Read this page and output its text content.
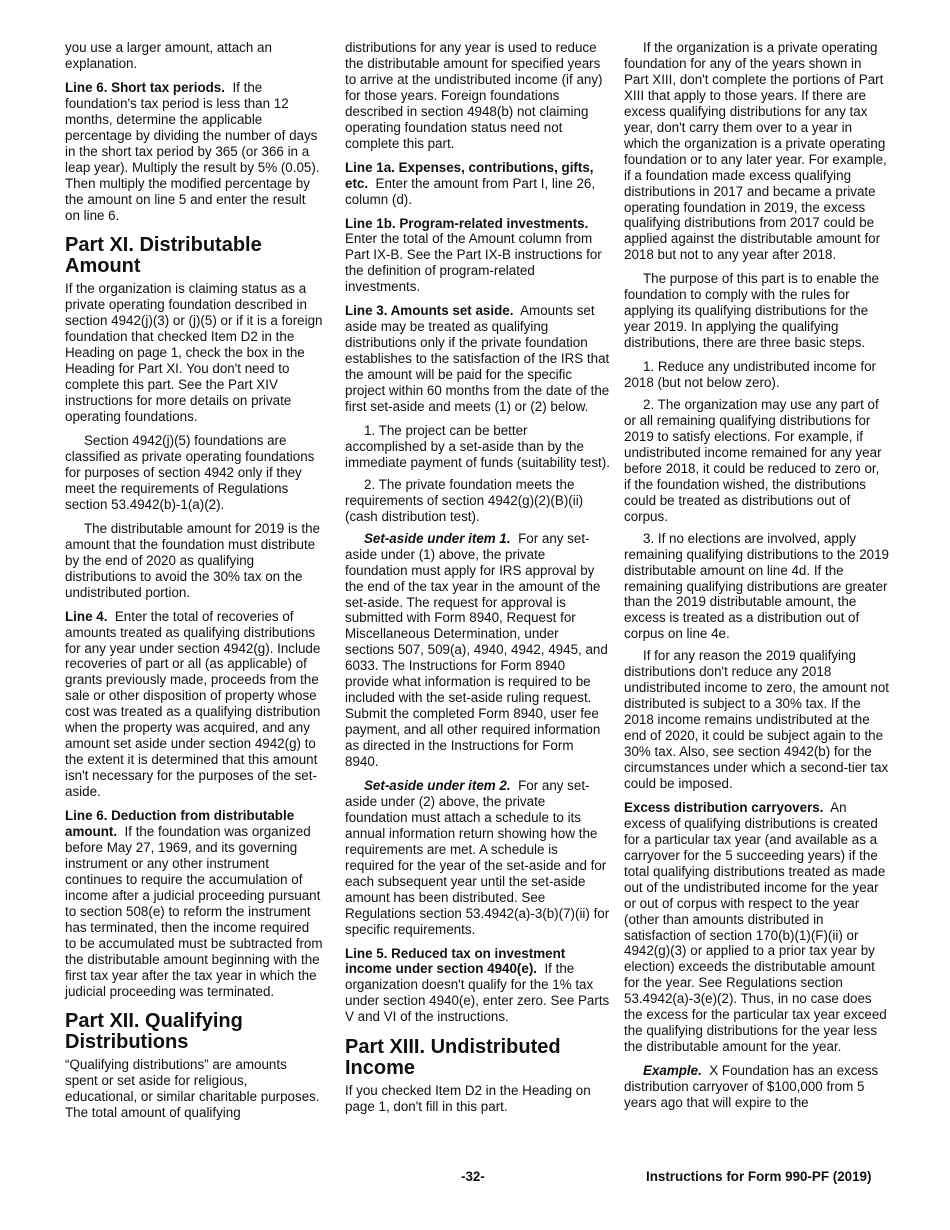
you use a larger amount, attach an explanation.

Line 6. Short tax periods. If the foundation's tax period is less than 12 months, determine the applicable percentage by dividing the number of days in the short tax period by 365 (or 366 in a leap year). Multiply the result by 5% (0.05). Then multiply the modified percentage by the amount on line 5 and enter the result on line 6.

Part XI. Distributable Amount

If the organization is claiming status as a private operating foundation described in section 4942(j)(3) or (j)(5) or if it is a foreign foundation that checked Item D2 in the Heading on page 1, check the box in the Heading for Part XI. You don't need to complete this part. See the Part XIV instructions for more details on private operating foundations.

Section 4942(j)(5) foundations are classified as private operating foundations for purposes of section 4942 only if they meet the requirements of Regulations section 53.4942(b)-1(a)(2).

The distributable amount for 2019 is the amount that the foundation must distribute by the end of 2020 as qualifying distributions to avoid the 30% tax on the undistributed portion.

Line 4. Enter the total of recoveries of amounts treated as qualifying distributions for any year under section 4942(g). Include recoveries of part or all (as applicable) of grants previously made, proceeds from the sale or other disposition of property whose cost was treated as a qualifying distribution when the property was acquired, and any amount set aside under section 4942(g) to the extent it is determined that this amount isn't necessary for the purposes of the set-aside.

Line 6. Deduction from distributable amount. If the foundation was organized before May 27, 1969, and its governing instrument or any other instrument continues to require the accumulation of income after a judicial proceeding pursuant to section 508(e) to reform the instrument has terminated, then the income required to be accumulated must be subtracted from the distributable amount beginning with the first tax year after the tax year in which the judicial proceeding was terminated.

Part XII. Qualifying Distributions

“Qualifying distributions” are amounts spent or set aside for religious, educational, or similar charitable purposes. The total amount of qualifying

distributions for any year is used to reduce the distributable amount for specified years to arrive at the undistributed income (if any) for those years. Foreign foundations described in section 4948(b) not claiming operating foundation status need not complete this part.

Line 1a. Expenses, contributions, gifts, etc. Enter the amount from Part I, line 26, column (d).

Line 1b. Program-related investments. Enter the total of the Amount column from Part IX-B. See the Part IX-B instructions for the definition of program-related investments.

Line 3. Amounts set aside. Amounts set aside may be treated as qualifying distributions only if the private foundation establishes to the satisfaction of the IRS that the amount will be paid for the specific project within 60 months from the date of the first set-aside and meets (1) or (2) below.

1. The project can be better accomplished by a set-aside than by the immediate payment of funds (suitability test).

2. The private foundation meets the requirements of section 4942(g)(2)(B)(ii) (cash distribution test).

Set-aside under item 1. For any set-aside under (1) above, the private foundation must apply for IRS approval by the end of the tax year in the amount of the set-aside. The request for approval is submitted with Form 8940, Request for Miscellaneous Determination, under sections 507, 509(a), 4940, 4942, 4945, and 6033. The Instructions for Form 8940 provide what information is required to be included with the set-aside ruling request. Submit the completed Form 8940, user fee payment, and all other required information as directed in the Instructions for Form 8940.

Set-aside under item 2. For any set-aside under (2) above, the private foundation must attach a schedule to its annual information return showing how the requirements are met. A schedule is required for the year of the set-aside and for each subsequent year until the set-aside amount has been distributed. See Regulations section 53.4942(a)-3(b)(7)(ii) for specific requirements.

Line 5. Reduced tax on investment income under section 4940(e). If the organization doesn't qualify for the 1% tax under section 4940(e), enter zero. See Parts V and VI of the instructions.

Part XIII. Undistributed Income

If you checked Item D2 in the Heading on page 1, don't fill in this part.

If the organization is a private operating foundation for any of the years shown in Part XIII, don't complete the portions of Part XIII that apply to those years. If there are excess qualifying distributions for any tax year, don't carry them over to a year in which the organization is a private operating foundation or to any later year. For example, if a foundation made excess qualifying distributions in 2017 and became a private operating foundation in 2019, the excess qualifying distributions from 2017 could be applied against the distributable amount for 2018 but not to any year after 2018.

The purpose of this part is to enable the foundation to comply with the rules for applying its qualifying distributions for the year 2019. In applying the qualifying distributions, there are three basic steps.

1. Reduce any undistributed income for 2018 (but not below zero).

2. The organization may use any part of or all remaining qualifying distributions for 2019 to satisfy elections. For example, if undistributed income remained for any year before 2018, it could be reduced to zero or, if the foundation wished, the distributions could be treated as distributions out of corpus.

3. If no elections are involved, apply remaining qualifying distributions to the 2019 distributable amount on line 4d. If the remaining qualifying distributions are greater than the 2019 distributable amount, the excess is treated as a distribution out of corpus on line 4e.

If for any reason the 2019 qualifying distributions don't reduce any 2018 undistributed income to zero, the amount not distributed is subject to a 30% tax. If the 2018 income remains undistributed at the end of 2020, it could be subject again to the 30% tax. Also, see section 4942(b) for the circumstances under which a second-tier tax could be imposed.

Excess distribution carryovers. An excess of qualifying distributions is created for a particular tax year (and available as a carryover for the 5 succeeding years) if the total qualifying distributions treated as made out of the undistributed income for the year or out of corpus with respect to the year (other than amounts distributed in satisfaction of section 170(b)(1)(F)(ii) or 4942(g)(3) or applied to a prior tax year by election) exceeds the distributable amount for the year. See Regulations section 53.4942(a)-3(e)(2). Thus, in no case does the excess for the particular tax year exceed the qualifying distributions for the year less the distributable amount for the year.

Example. X Foundation has an excess distribution carryover of $100,000 from 5 years ago that will expire to the

-32-	Instructions for Form 990-PF (2019)
